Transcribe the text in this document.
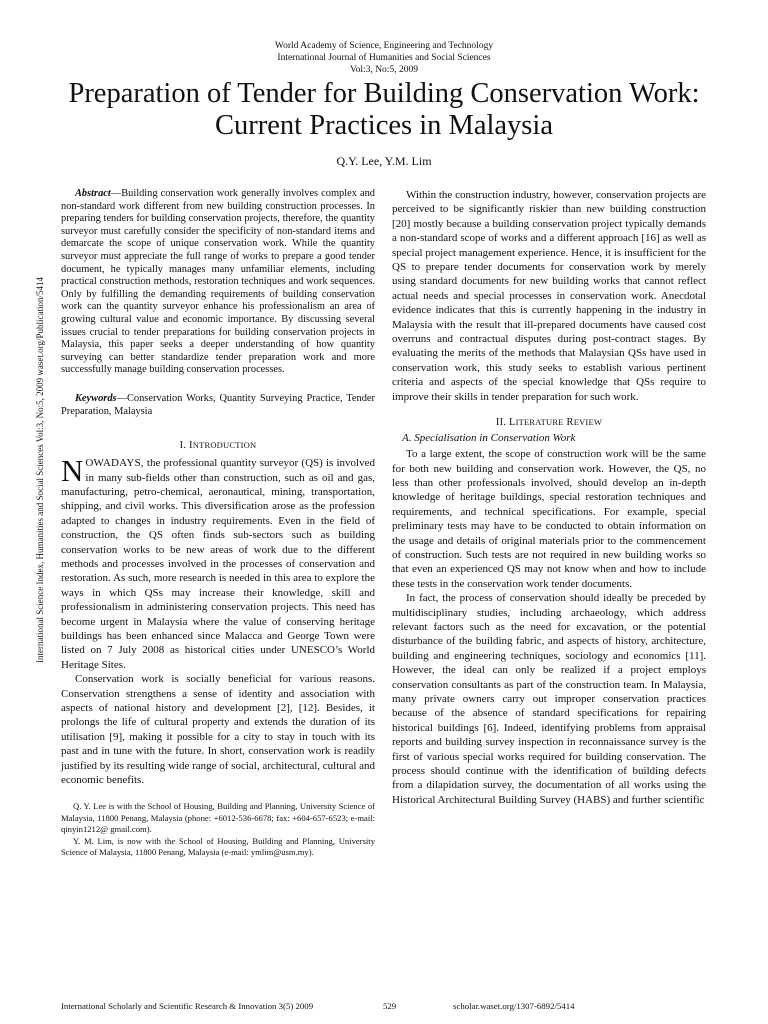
World Academy of Science, Engineering and Technology
International Journal of Humanities and Social Sciences
Vol:3, No:5, 2009
Preparation of Tender for Building Conservation Work: Current Practices in Malaysia
Q.Y. Lee, Y.M. Lim
International Science Index, Humanities and Social Sciences Vol:3, No:5, 2009 waset.org/Publication/5414

Abstract—Building conservation work generally involves complex and non-standard work different from new building construction processes. In preparing tenders for building conservation projects, therefore, the quantity surveyor must carefully consider the specificity of non-standard items and demarcate the scope of unique conservation work. While the quantity surveyor must appreciate the full range of works to prepare a good tender document, he typically manages many unfamiliar elements, including practical construction methods, restoration techniques and work sequences. Only by fulfilling the demanding requirements of building conservation work can the quantity surveyor enhance his professionalism an area of growing cultural value and economic importance. By discussing several issues crucial to tender preparations for building conservation projects in Malaysia, this paper seeks a deeper understanding of how quantity surveying can better standardize tender preparation work and more successfully manage building conservation processes.

Keywords—Conservation Works, Quantity Surveying Practice, Tender Preparation, Malaysia

I. INTRODUCTION

NOWADAYS, the professional quantity surveyor (QS) is involved in many sub-fields other than construction, such as oil and gas, manufacturing, petro-chemical, aeronautical, mining, transportation, shipping, and civil works. This diversification arose as the profession adapted to changes in industry requirements. Even in the field of construction, the QS often finds sub-sectors such as building conservation works to be new areas of work due to the different methods and processes involved in the processes of conservation and restoration. As such, more research is needed in this area to explore the ways in which QSs may increase their knowledge, skill and professionalism in administering conservation projects. This need has become urgent in Malaysia where the value of conserving heritage buildings has been enhanced since Malacca and George Town were listed on 7 July 2008 as historical cities under UNESCO’s World Heritage Sites.

Conservation work is socially beneficial for various reasons. Conservation strengthens a sense of identity and association with aspects of national history and development [2], [12]. Besides, it prolongs the life of cultural property and extends the duration of its utilisation [9], making it possible for a city to stay in touch with its past and in tune with the future. In short, conservation work is readily justified by its resulting wide range of social, architectural, cultural and economic benefits.

Q. Y. Lee is with the School of Housing, Building and Planning, University Science of Malaysia, 11800 Penang, Malaysia (phone: +6012-536-6678; fax: +604-657-6523; e-mail: qinyin1212@ gmail.com).

Y. M. Lim, is now with the School of Housing, Building and Planning, University Science of Malaysia, 11800 Penang, Malaysia (e-mail: ymlim@usm.my).

Within the construction industry, however, conservation projects are perceived to be significantly riskier than new building construction [20] mostly because a building conservation project typically demands a non-standard scope of works and a different approach [16] as well as special project management experience. Hence, it is insufficient for the QS to prepare tender documents for conservation work by merely using standard documents for new building works that cannot reflect actual needs and special processes in conservation work. Anecdotal evidence indicates that this is currently happening in the industry in Malaysia with the result that ill-prepared documents have caused cost overruns and contractual disputes during post-contract stages. By evaluating the merits of the methods that Malaysian QSs have used in conservation work, this study seeks to establish various pertinent criteria and aspects of the special knowledge that QSs require to improve their skills in tender preparation for such work.

II. LITERATURE REVIEW
A. Specialisation in Conservation Work

To a large extent, the scope of construction work will be the same for both new building and conservation work. However, the QS, no less than other professionals involved, should develop an in-depth knowledge of heritage buildings, special restoration techniques and requirements, and technical specifications. For example, special preliminary tests may have to be conducted to obtain information on the usage and details of original materials prior to the commencement of construction. Such tests are not required in new building works so that even an experienced QS may not know when and how to include these tests in the conservation work tender documents.

In fact, the process of conservation should ideally be preceded by multidisciplinary studies, including archaeology, which address relevant factors such as the need for excavation, or the potential disturbance of the building fabric, and aspects of history, architecture, building and engineering techniques, sociology and economics [11]. However, the ideal can only be realized if a project employs conservation consultants as part of the construction team. In Malaysia, many private owners carry out improper conservation practices because of the absence of standard specifications for repairing historical buildings [6]. Indeed, identifying problems from appraisal reports and building survey inspection in reconnaissance survey is the first of various special works required for building conservation. The process should continue with the identification of building defects from a dilapidation survey, the documentation of all works using the Historical Architectural Building Survey (HABS) and further scientific

International Scholarly and Scientific Research & Innovation 3(5) 2009	529	scholar.waset.org/1307-6892/5414
